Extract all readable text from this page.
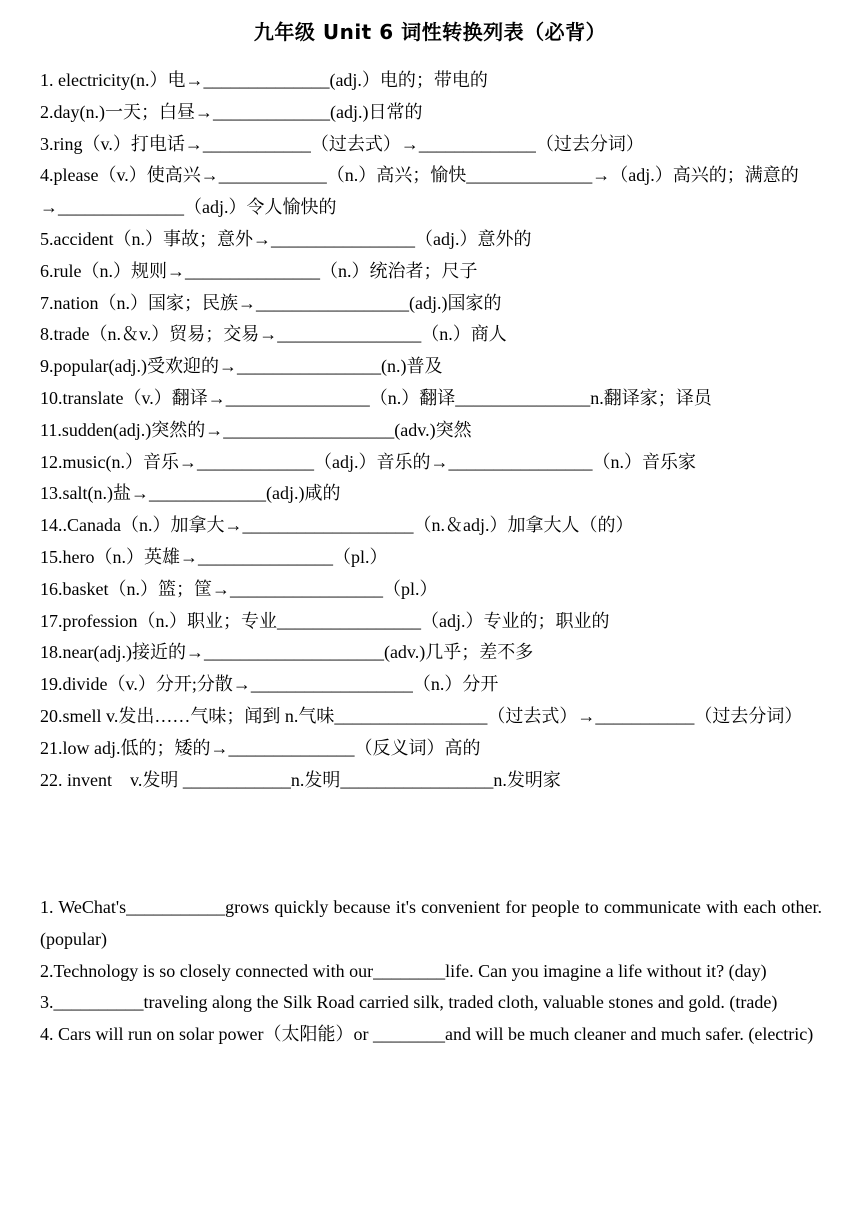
九年级 Unit 6 词性转换列表（必背）
1. electricity(n.）电→______________(adj.）电的；带电的
2.day(n.)一天；白昼→_____________(adj.)日常的
3.ring（v.）打电话→____________（过去式）→_____________（过去分词）
4.please（v.）使高兴→____________（n.）高兴；愉快______________→（adj.）高兴的；满意的
→______________（adj.）令人愉快的
5.accident（n.）事故；意外→________________（adj.）意外的
6.rule（n.）规则→_______________（n.）统治者；尺子
7.nation（n.）国家；民族→_________________(adj.)国家的
8.trade（n.＆v.）贸易；交易→________________（n.）商人
9.popular(adj.)受欢迎的→________________(n.)普及
10.translate（v.）翻译→________________（n.）翻译_______________n.翻译家；译员
11.sudden(adj.)突然的→___________________(adv.)突然
12.music(n.）音乐→_____________（adj.）音乐的→________________（n.）音乐家
13.salt(n.)盐→_____________(adj.)咸的
14..Canada（n.）加拿大→___________________（n.＆adj.）加拿大人（的）
15.hero（n.）英雄→_______________（pl.）
16.basket（n.）篮；筐→_________________（pl.）
17.profession（n.）职业；专业________________（adj.）专业的；职业的
18.near(adj.)接近的→____________________(adv.)几乎；差不多
19.divide（v.）分开;分散→__________________（n.）分开
20.smell v.发出……气味；闻到 n.气味_________________（过去式）→___________（过去分词）
21.low adj.低的；矮的→______________（反义词）高的
22. invent　v.发明 ____________n.发明_________________n.发明家
1. WeChat's___________grows quickly because it's convenient for people to communicate with each other. (popular)
2.Technology is so closely connected with our________life. Can you imagine a life without it? (day)
3.__________traveling along the Silk Road carried silk, traded cloth, valuable stones and gold. (trade)
4. Cars will run on solar power（太阳能）or ________and will be much cleaner and much safer. (electric)
